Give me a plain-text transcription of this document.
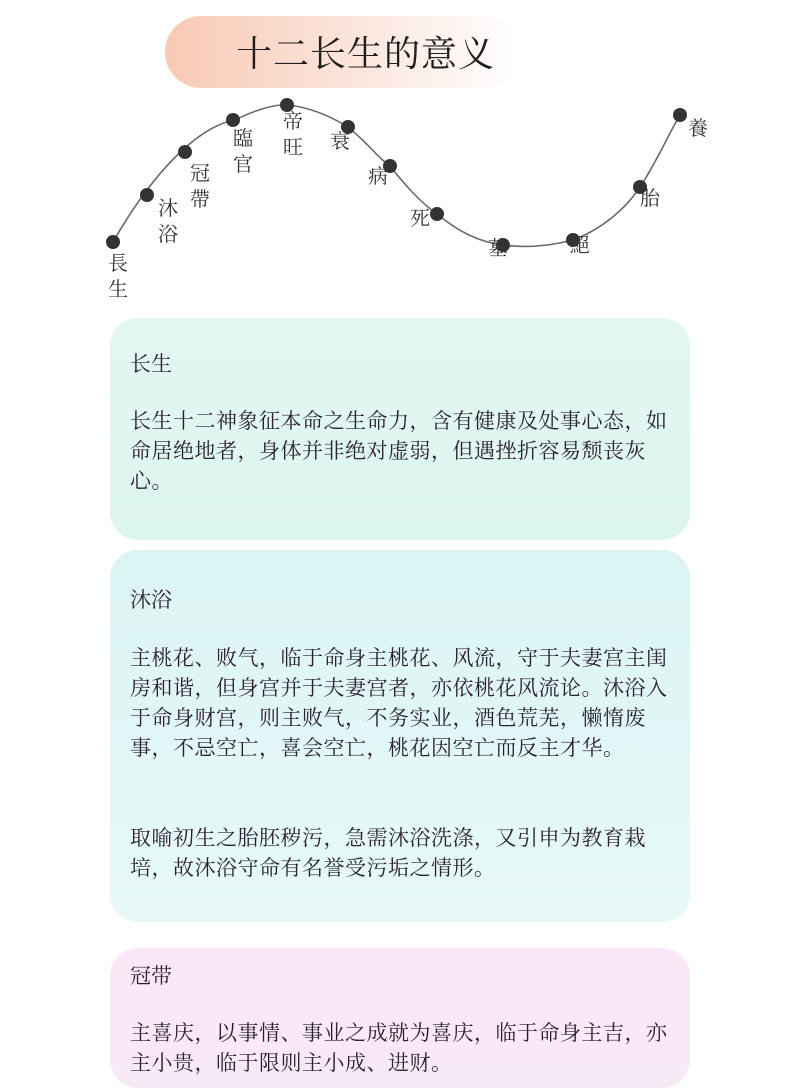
十二长生的意义
長
生
沐
浴
冠
帶
臨
官
帝
旺 衰
病
死
墓	絕
胎
養
长生
长生十二神象征本命之生命力，含有健康及处事心态，如命居绝地者，身体并非绝对虚弱，但遇挫折容易颓丧灰心。
沐浴
主桃花、败气，临于命身主桃花、风流，守于夫妻宫主闺房和谐，但身宫并于夫妻宫者，亦依桃花风流论。沐浴入于命身财宫，则主败气，不务实业，酒色荒芜，懒惰废事，不忌空亡，喜会空亡，桃花因空亡而反主才华。
取喻初生之胎胚秽污，急需沐浴洗涤，又引申为教育栽培，故沐浴守命有名誉受污垢之情形。
冠带
主喜庆，以事情、事业之成就为喜庆，临于命身主吉，亦主小贵，临于限则主小成、进财。
